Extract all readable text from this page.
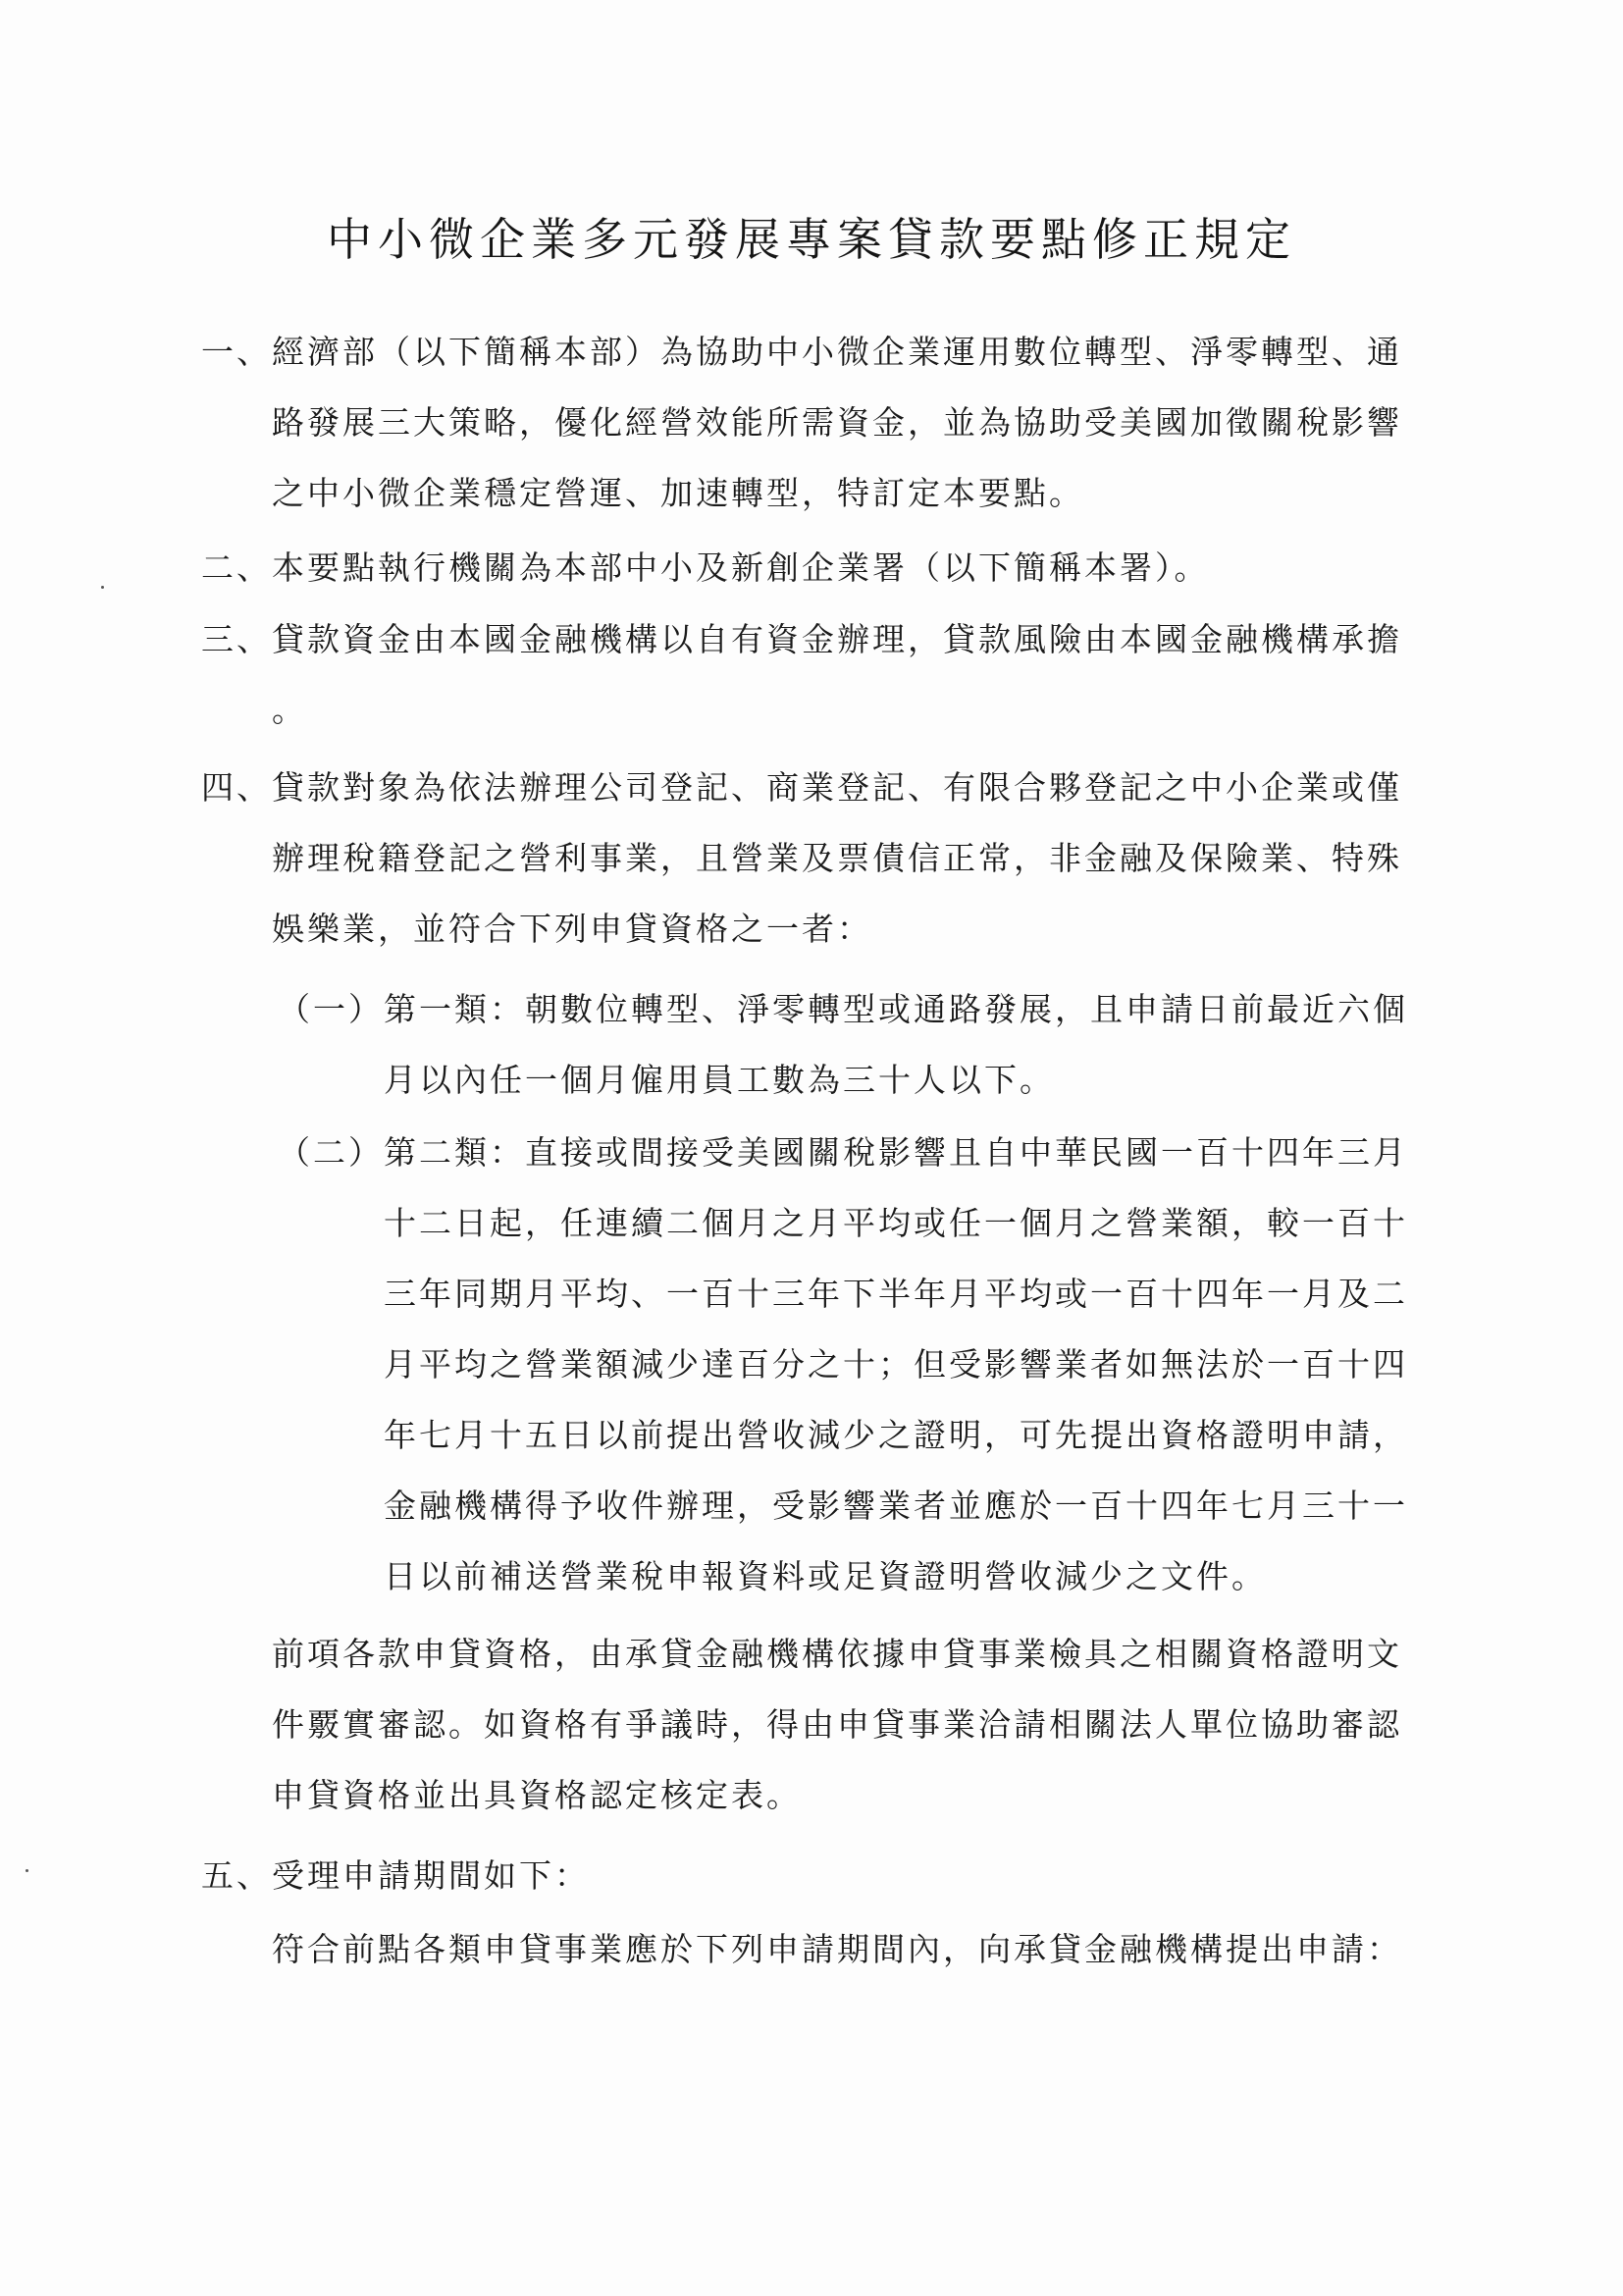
中小微企業多元發展專案貸款要點修正規定
一、經濟部（以下簡稱本部）為協助中小微企業運用數位轉型、淨零轉型、通
路發展三大策略，優化經營效能所需資金，並為協助受美國加徵關稅影響
之中小微企業穩定營運、加速轉型，特訂定本要點。
二、本要點執行機關為本部中小及新創企業署（以下簡稱本署）。
三、貸款資金由本國金融機構以自有資金辦理，貸款風險由本國金融機構承擔
。
四、貸款對象為依法辦理公司登記、商業登記、有限合夥登記之中小企業或僅
辦理稅籍登記之營利事業，且營業及票債信正常，非金融及保險業、特殊
娛樂業，並符合下列申貸資格之一者：
（一）第一類：朝數位轉型、淨零轉型或通路發展，且申請日前最近六個
月以內任一個月僱用員工數為三十人以下。
（二）第二類：直接或間接受美國關稅影響且自中華民國一百十四年三月
十二日起，任連續二個月之月平均或任一個月之營業額，較一百十
三年同期月平均、一百十三年下半年月平均或一百十四年一月及二
月平均之營業額減少達百分之十；但受影響業者如無法於一百十四
年七月十五日以前提出營收減少之證明，可先提出資格證明申請，
金融機構得予收件辦理，受影響業者並應於一百十四年七月三十一
日以前補送營業稅申報資料或足資證明營收減少之文件。
前項各款申貸資格，由承貸金融機構依據申貸事業檢具之相關資格證明文
件覈實審認。如資格有爭議時，得由申貸事業洽請相關法人單位協助審認
申貸資格並出具資格認定核定表。
五、受理申請期間如下：
符合前點各類申貸事業應於下列申請期間內，向承貸金融機構提出申請：
